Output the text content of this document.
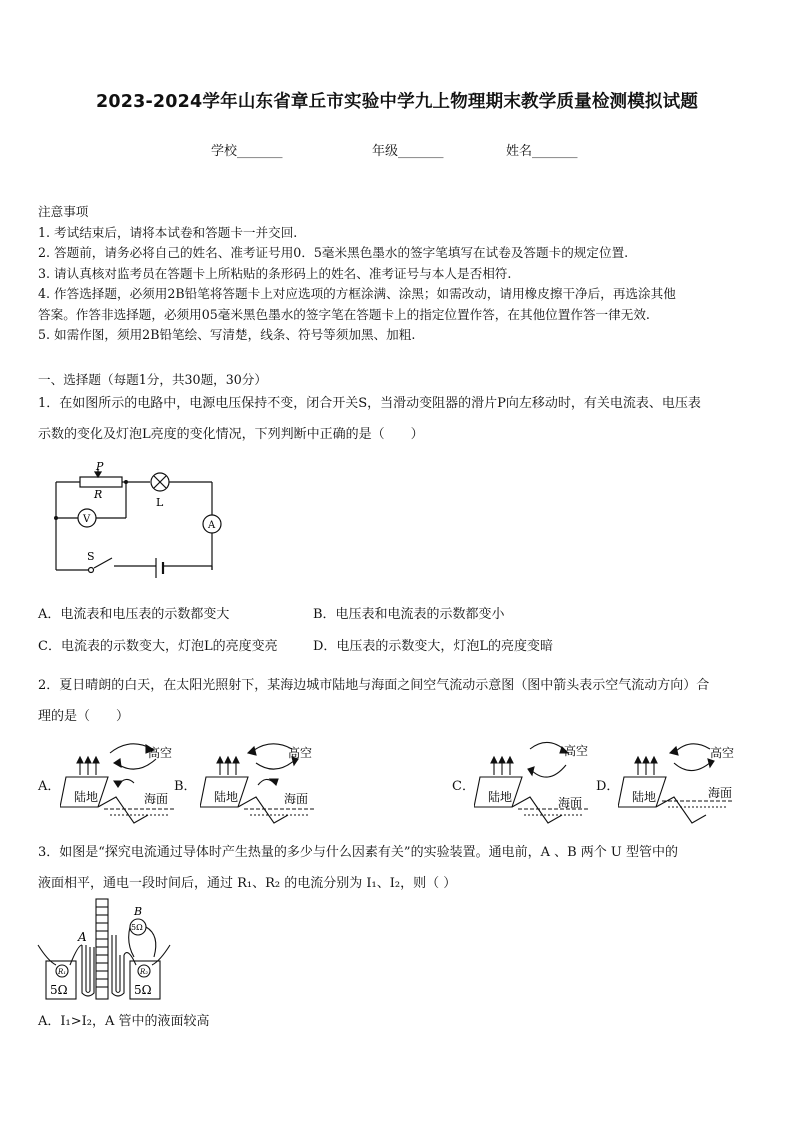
2023-2024学年山东省章丘市实验中学九上物理期末教学质量检测模拟试题
学校_______	年级_______	姓名_______
注意事项
1. 考试结束后，请将本试卷和答题卡一并交回.
2. 答题前，请务必将自己的姓名、准考证号用0．5毫米黑色墨水的签字笔填写在试卷及答题卡的规定位置.
3. 请认真核对监考员在答题卡上所粘贴的条形码上的姓名、准考证号与本人是否相符.
4. 作答选择题，必须用2B铅笔将答题卡上对应选项的方框涂满、涂黑；如需改动，请用橡皮擦干净后，再选涂其他
答案。作答非选择题，必须用05毫米黑色墨水的签字笔在答题卡上的指定位置作答，在其他位置作答一律无效.
5. 如需作图，须用2B铅笔绘、写清楚，线条、符号等须加黑、加粗.
一、选择题（每题1分，共30题，30分）
1．在如图所示的电路中，电源电压保持不变，闭合开关S，当滑动变阻器的滑片P向左移动时，有关电流表、电压表
示数的变化及灯泡L亮度的变化情况，下列判断中正确的是（　　）
P
R
L
V
A
S
A．电流表和电压表的示数都变大	B．电压表和电流表的示数都变小
C．电流表的示数变大，灯泡L的亮度变亮	D．电压表的示数变大，灯泡L的亮度变暗
2．夏日晴朗的白天，在太阳光照射下，某海边城市陆地与海面之间空气流动示意图（图中箭头表示空气流动方向）合
理的是（　　）
A．	B．	C．	D．
高空
陆地	海面
高空
陆地	海面
高空
陆地	海面
高空
陆地	海面
3．如图是“探究电流通过导体时产生热量的多少与什么因素有关”的实验装置。通电前，A 、B 两个 U 型管中的
液面相平，通电一段时间后，通过 R₁、R₂ 的电流分别为 I₁、I₂，则（ ）
A
B
R₁	R₂
5Ω	5Ω
5Ω
A．I₁>I₂，A 管中的液面较高
